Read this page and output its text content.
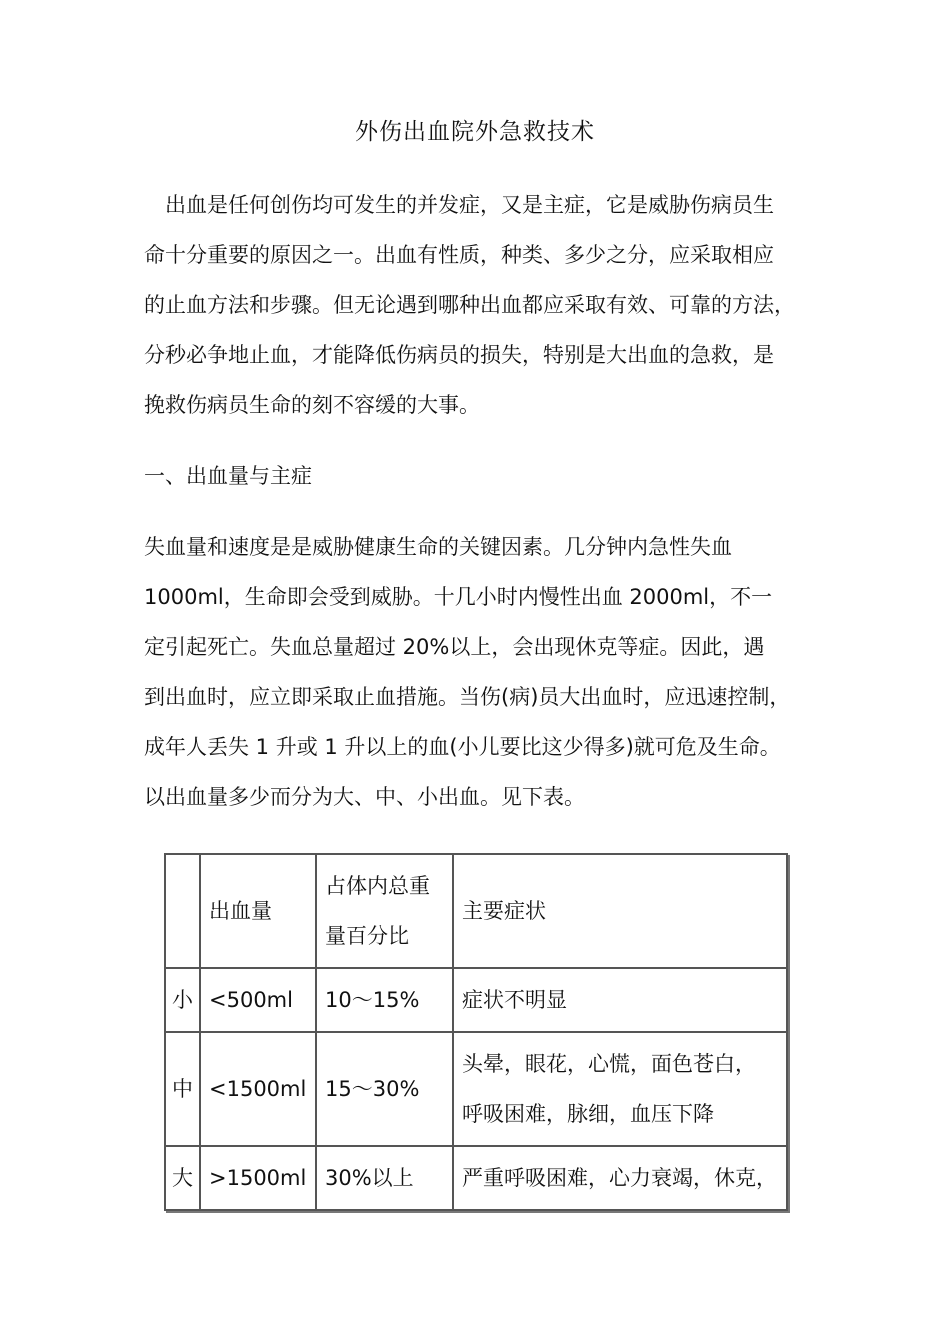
外伤出血院外急救技术
出血是任何创伤均可发生的并发症，又是主症，它是威胁伤病员生
命十分重要的原因之一。出血有性质，种类、多少之分，应采取相应
的止血方法和步骤。但无论遇到哪种出血都应采取有效、可靠的方法，
分秒必争地止血，才能降低伤病员的损失，特别是大出血的急救，是
挽救伤病员生命的刻不容缓的大事。
一、出血量与主症
失血量和速度是是威胁健康生命的关键因素。几分钟内急性失血
1000ml，生命即会受到威胁。十几小时内慢性出血 2000ml，不一
定引起死亡。失血总量超过 20%以上，会出现休克等症。因此，遇
到出血时，应立即采取止血措施。当伤(病)员大出血时，应迅速控制，
成年人丢失 1 升或 1 升以上的血(小儿要比这少得多)就可危及生命。
以出血量多少而分为大、中、小出血。见下表。

	出血量	占体内总重
量百分比	主要症状

小	<500ml	10～15%	症状不明显

中	<1500ml	15～30%	头晕，眼花，心慌，面色苍白，
呼吸困难，脉细，血压下降

大	>1500ml	30%以上	严重呼吸困难，心力衰竭，休克，
